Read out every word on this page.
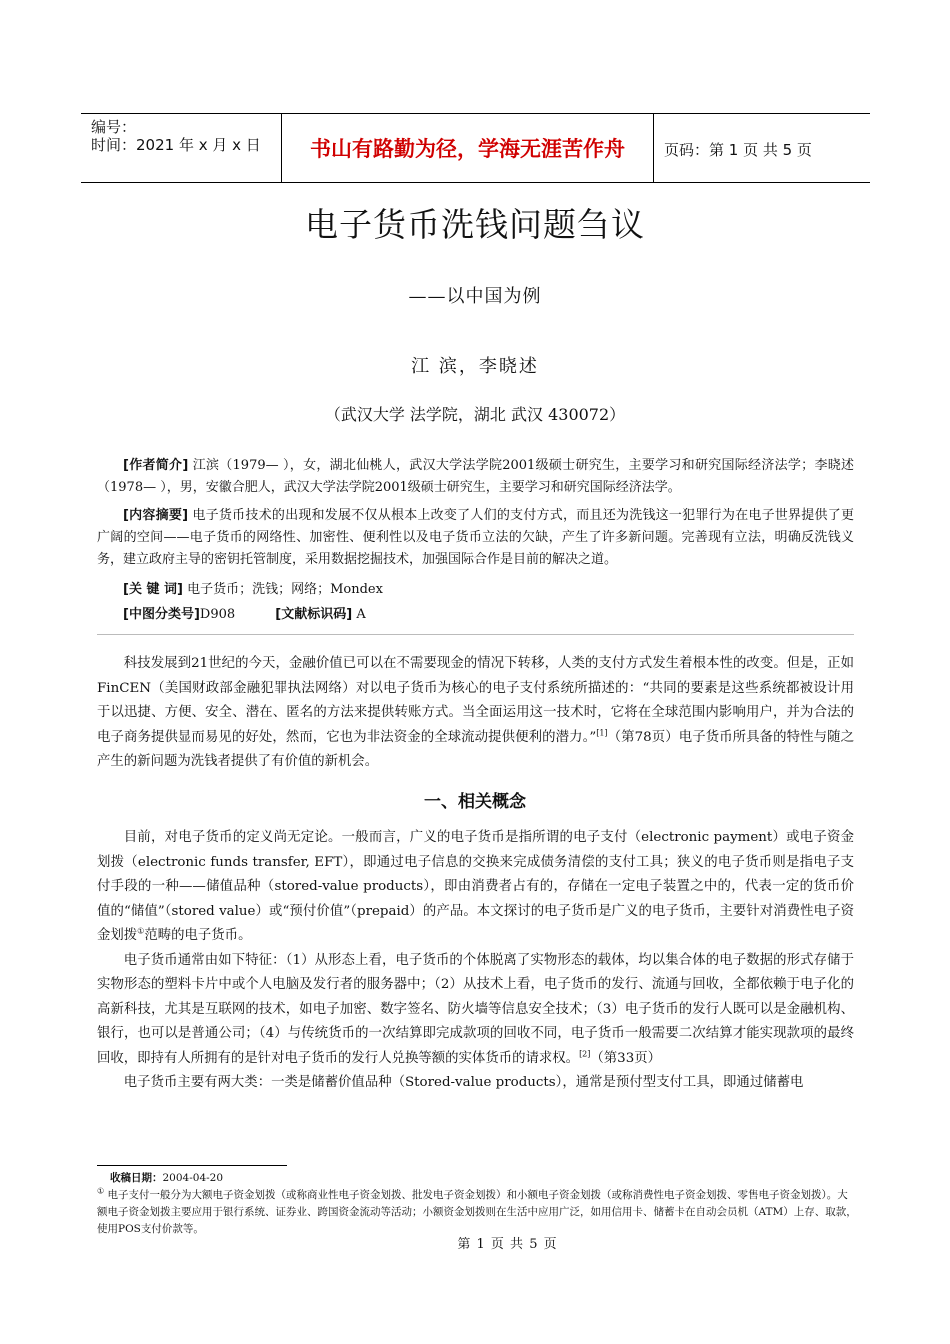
编号：
时间：2021 年 x 月 x 日	书山有路勤为径，学海无涯苦作舟	页码：第 1 页 共 5 页
电子货币洗钱问题刍议
——以中国为例
江 滨，李晓述
（武汉大学 法学院，湖北 武汉 430072）
[作者简介] 江滨（1979— ），女，湖北仙桃人，武汉大学法学院2001级硕士研究生，主要学习和研究国际经济法学；李晓述（1978— ），男，安徽合肥人，武汉大学法学院2001级硕士研究生，主要学习和研究国际经济法学。
[内容摘要] 电子货币技术的出现和发展不仅从根本上改变了人们的支付方式，而且还为洗钱这一犯罪行为在电子世界提供了更广阔的空间——电子货币的网络性、加密性、便利性以及电子货币立法的欠缺，产生了许多新问题。完善现有立法，明确反洗钱义务，建立政府主导的密钥托管制度，采用数据挖掘技术，加强国际合作是目前的解决之道。
[关 键 词] 电子货币；洗钱；网络；Mondex
[中图分类号]D908	[文献标识码] A

科技发展到21世纪的今天，金融价值已可以在不需要现金的情况下转移，人类的支付方式发生着根本性的改变。但是，正如FinCEN（美国财政部金融犯罪执法网络）对以电子货币为核心的电子支付系统所描述的：“共同的要素是这些系统都被设计用于以迅捷、方便、安全、潜在、匿名的方法来提供转账方式。当全面运用这一技术时，它将在全球范围内影响用户，并为合法的电子商务提供显而易见的好处，然而，它也为非法资金的全球流动提供便利的潜力。”[1]（第78页）电子货币所具备的特性与随之产生的新问题为洗钱者提供了有价值的新机会。

一、相关概念

目前，对电子货币的定义尚无定论。一般而言，广义的电子货币是指所谓的电子支付（electronic payment）或电子资金划拨（electronic funds transfer, EFT），即通过电子信息的交换来完成债务清偿的支付工具；狭义的电子货币则是指电子支付手段的一种——储值品种（stored-value products），即由消费者占有的，存储在一定电子装置之中的，代表一定的货币价值的“储值”（stored value）或“预付价值”（prepaid）的产品。本文探讨的电子货币是广义的电子货币，主要针对消费性电子资金划拨①范畴的电子货币。

电子货币通常由如下特征：（1）从形态上看，电子货币的个体脱离了实物形态的载体，均以集合体的电子数据的形式存储于实物形态的塑料卡片中或个人电脑及发行者的服务器中；（2）从技术上看，电子货币的发行、流通与回收，全都依赖于电子化的高新科技，尤其是互联网的技术，如电子加密、数字签名、防火墙等信息安全技术；（3）电子货币的发行人既可以是金融机构、银行，也可以是普通公司；（4）与传统货币的一次结算即完成款项的回收不同，电子货币一般需要二次结算才能实现款项的最终回收，即持有人所拥有的是针对电子货币的发行人兑换等额的实体货币的请求权。[2]（第33页）

电子货币主要有两大类：一类是储蓄价值品种（Stored-value products），通常是预付型支付工具，即通过储蓄电

收稿日期：2004-04-20
① 电子支付一般分为大额电子资金划拨（或称商业性电子资金划拨、批发电子资金划拨）和小额电子资金划拨（或称消费性电子资金划拨、零售电子资金划拨）。大额电子资金划拨主要应用于银行系统、证券业、跨国资金流动等活动；小额资金划拨则在生活中应用广泛，如用信用卡、储蓄卡在自动会员机（ATM）上存、取款，使用POS支付价款等。
第 1 页 共 5 页
